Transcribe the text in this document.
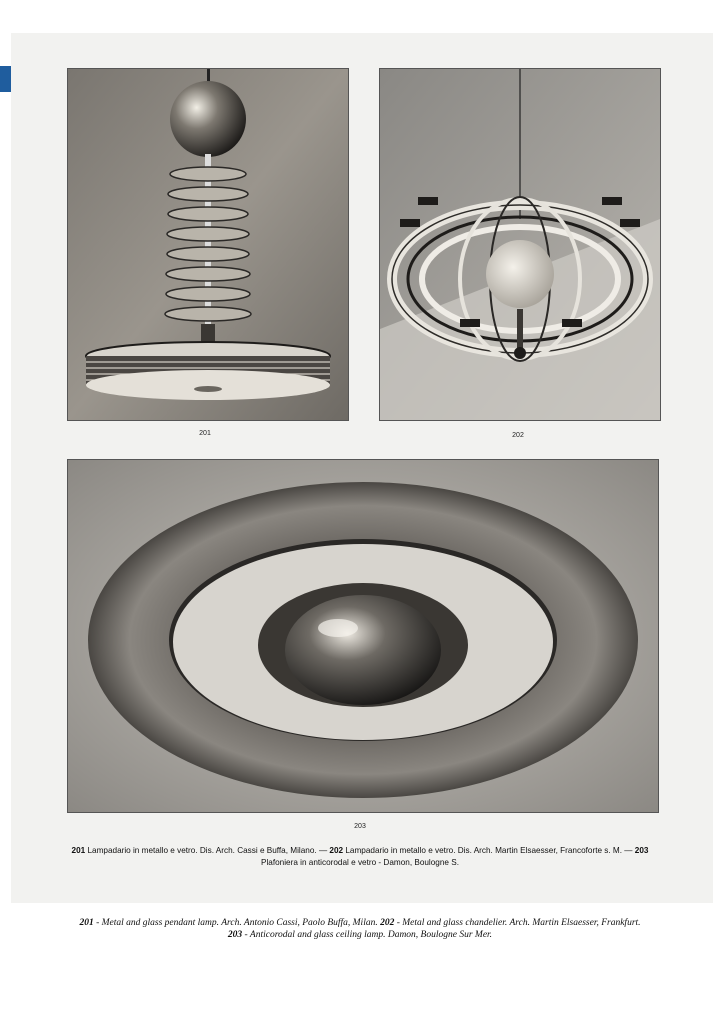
201	202
203
201 Lampadario in metallo e vetro. Dis. Arch. Cassi e Buffa, Milano. — 202 Lampadario in metallo e vetro. Dis. Arch. Martin Elsaesser, Francoforte s. M. — 203 Plafoniera in anticorodal e vetro - Damon, Boulogne S.
201 - Metal and glass pendant lamp. Arch. Antonio Cassi, Paolo Buffa, Milan. 202 - Metal and glass chandelier. Arch. Martin Elsaesser, Frankfurt.
203 - Anticorodal and glass ceiling lamp. Damon, Boulogne Sur Mer.
